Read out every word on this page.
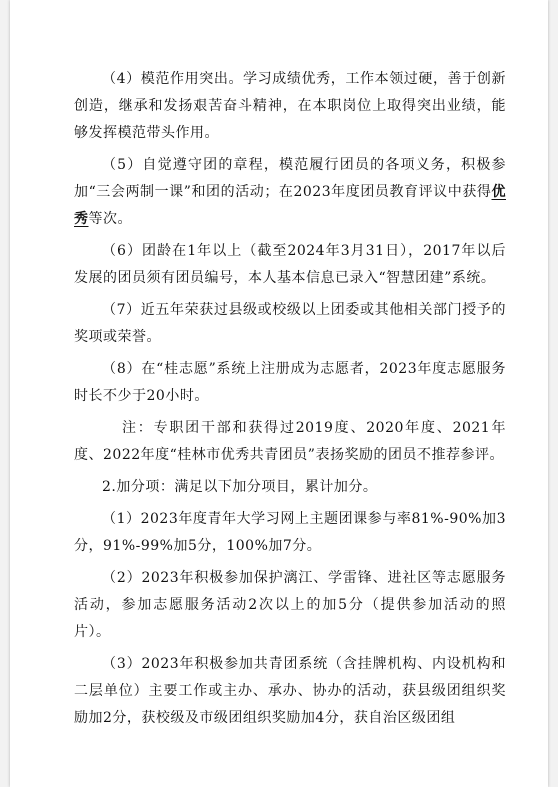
（4）模范作用突出。学习成绩优秀，工作本领过硬，善于创新创造，继承和发扬艰苦奋斗精神，在本职岗位上取得突出业绩，能够发挥模范带头作用。

（5）自觉遵守团的章程，模范履行团员的各项义务，积极参加“三会两制一课”和团的活动；在2023年度团员教育评议中获得优秀等次。

（6）团龄在1年以上（截至2024年3月31日），2017年以后发展的团员须有团员编号，本人基本信息已录入“智慧团建”系统。

（7）近五年荣获过县级或校级以上团委或其他相关部门授予的奖项或荣誉。

（8）在“桂志愿”系统上注册成为志愿者，2023年度志愿服务时长不少于20小时。

注：专职团干部和获得过2019度、2020年度、2021年度、2022年度“桂林市优秀共青团员”表扬奖励的团员不推荐参评。

2.加分项：满足以下加分项目，累计加分。

（1）2023年度青年大学习网上主题团课参与率81%-90%加3分，91%-99%加5分，100%加7分。

（2）2023年积极参加保护漓江、学雷锋、进社区等志愿服务活动，参加志愿服务活动2次以上的加5分（提供参加活动的照片）。

（3）2023年积极参加共青团系统（含挂牌机构、内设机构和二层单位）主要工作或主办、承办、协办的活动，获县级团组织奖励加2分，获校级及市级团组织奖励加4分，获自治区级团组
